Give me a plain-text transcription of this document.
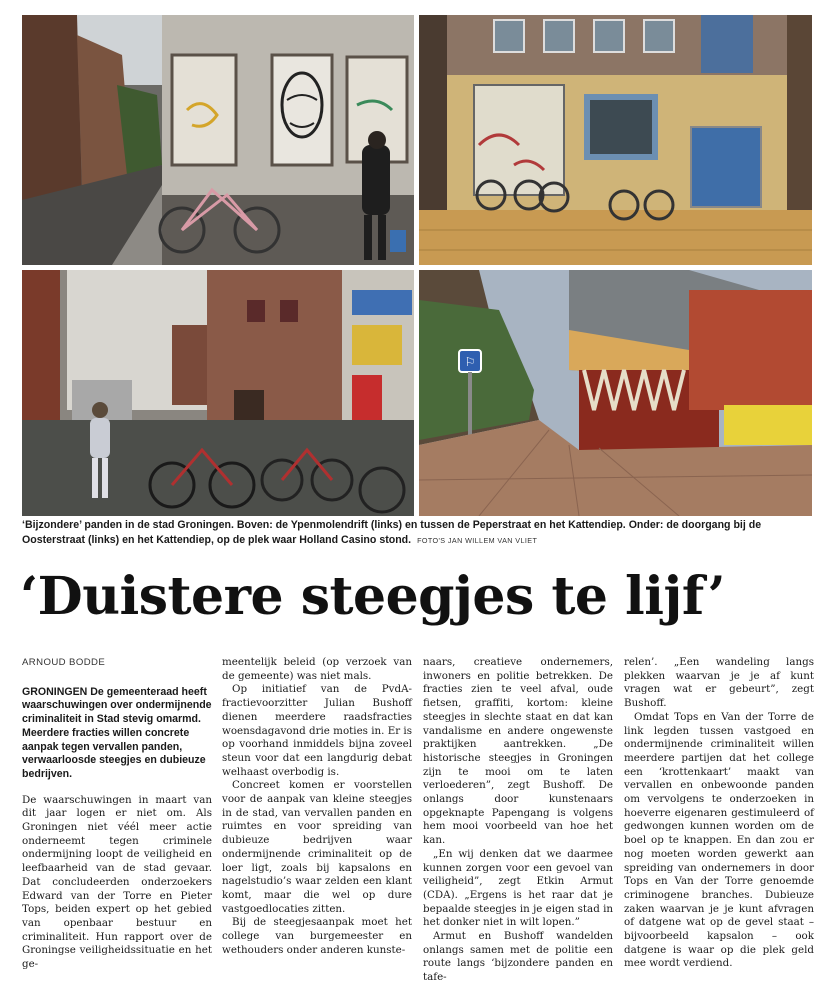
⚐
‘Bijzondere’ panden in de stad Groningen. Boven: de Ypenmolendrift (links) en tussen de Peperstraat en het Kattendiep. Onder: de doorgang bij de Oosterstraat (links) en het Kattendiep, op de plek waar Holland Casino stond. FOTO'S JAN WILLEM VAN VLIET
‘Duistere steegjes te lijf’
ARNOUD BODDE
GRONINGEN De gemeenteraad heeft waarschuwingen over ondermijnende criminaliteit in Stad stevig omarmd. Meerdere fracties willen concrete aanpak tegen vervallen panden, verwaarloosde steegjes en dubieuze bedrijven.

De waarschuwingen in maart van dit jaar logen er niet om. Als Groningen niet véél meer actie onderneemt tegen criminele ondermijning loopt de veiligheid en leefbaarheid van de stad gevaar. Dat concludeerden onderzoekers Edward van der Torre en Pieter Tops, beiden expert op het gebied van openbaar bestuur en criminaliteit. Hun rapport over de Groningse veiligheidssituatie en het ge-

meentelijk beleid (op verzoek van de gemeente) was niet mals.

Op initiatief van de PvdA-fractievoorzitter Julian Bushoff dienen meerdere raadsfracties woensdagavond drie moties in. Er is op voorhand inmiddels bijna zoveel steun voor dat een langdurig debat welhaast overbodig is.

Concreet komen er voorstellen voor de aanpak van kleine steegjes in de stad, van vervallen panden en ruimtes en voor spreiding van dubieuze bedrijven waar ondermijnende criminaliteit op de loer ligt, zoals bij kapsalons en nagelstudio’s waar zelden een klant komt, maar die wel op dure vastgoedlocaties zitten.

Bij de steegjesaanpak moet het college van burgemeester en wethouders onder anderen kunste-

naars, creatieve ondernemers, inwoners en politie betrekken. De fracties zien te veel afval, oude fietsen, graffiti, kortom: kleine steegjes in slechte staat en dat kan vandalisme en andere ongewenste praktijken aantrekken. „De historische steegjes in Groningen zijn te mooi om te laten verloederen”, zegt Bushoff. De onlangs door kunstenaars opgeknapte Papengang is volgens hem mooi voorbeeld van hoe het kan.

„En wij denken dat we daarmee kunnen zorgen voor een gevoel van veiligheid”, zegt Etkin Armut (CDA). „Ergens is het raar dat je bepaalde steegjes in je eigen stad in het donker niet in wilt lopen.”

Armut en Bushoff wandelden onlangs samen met de politie een route langs ‘bijzondere panden en tafe-

relen’. „Een wandeling langs plekken waarvan je je af kunt vragen wat er gebeurt”, zegt Bushoff.

Omdat Tops en Van der Torre de link legden tussen vastgoed en ondermijnende criminaliteit willen meerdere partijen dat het college een ‘krottenkaart’ maakt van vervallen en onbewoonde panden om vervolgens te onderzoeken in hoeverre eigenaren gestimuleerd of gedwongen kunnen worden om de boel op te knappen. En dan zou er nog moeten worden gewerkt aan spreiding van ondernemers in door Tops en Van der Torre genoemde criminogene branches. Dubieuze zaken waarvan je je kunt afvragen of datgene wat op de gevel staat – bijvoorbeeld kapsalon – ook datgene is waar op die plek geld mee wordt verdiend.
